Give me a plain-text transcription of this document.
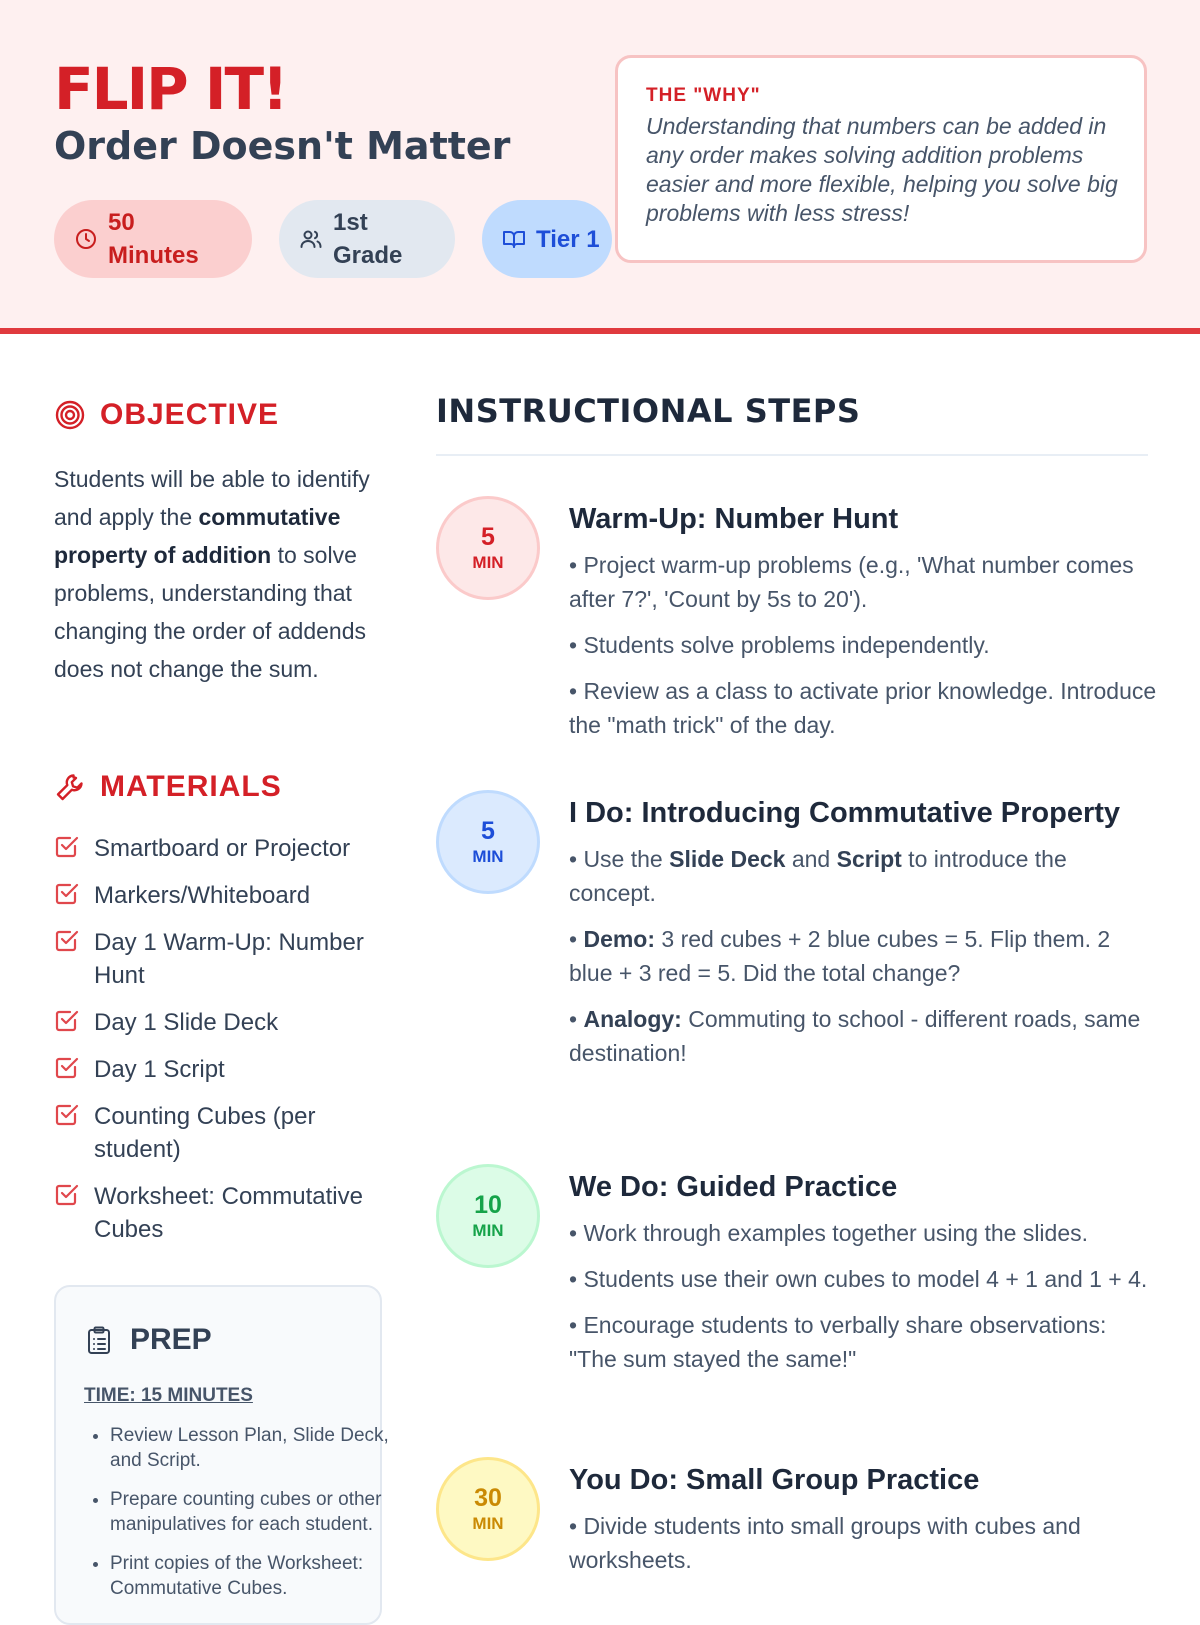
FLIP IT!
Order Doesn't Matter
50 Minutes
1st Grade
Tier 1
THE "WHY"
Understanding that numbers can be added in any order makes solving addition problems easier and more flexible, helping you solve big problems with less stress!
OBJECTIVE
Students will be able to identify and apply the commutative property of addition to solve problems, understanding that changing the order of addends does not change the sum.
MATERIALS
Smartboard or Projector
Markers/Whiteboard
Day 1 Warm-Up: Number Hunt
Day 1 Slide Deck
Day 1 Script
Counting Cubes (per student)
Worksheet: Commutative Cubes
PREP
TIME: 15 MINUTES
• Review Lesson Plan, Slide Deck, and Script.
• Prepare counting cubes or other manipulatives for each student.
• Print copies of the Worksheet: Commutative Cubes.
INSTRUCTIONAL STEPS
5
MIN
Warm-Up: Number Hunt
• Project warm-up problems (e.g., 'What number comes after 7?', 'Count by 5s to 20').
• Students solve problems independently.
• Review as a class to activate prior knowledge. Introduce the "math trick" of the day.
5
MIN
I Do: Introducing Commutative Property
• Use the Slide Deck and Script to introduce the concept.
• Demo: 3 red cubes + 2 blue cubes = 5. Flip them. 2 blue + 3 red = 5. Did the total change?
• Analogy: Commuting to school - different roads, same destination!
10
MIN
We Do: Guided Practice
• Work through examples together using the slides.
• Students use their own cubes to model 4 + 1 and 1 + 4.
• Encourage students to verbally share observations: "The sum stayed the same!"
30
MIN
You Do: Small Group Practice
• Divide students into small groups with cubes and worksheets.
